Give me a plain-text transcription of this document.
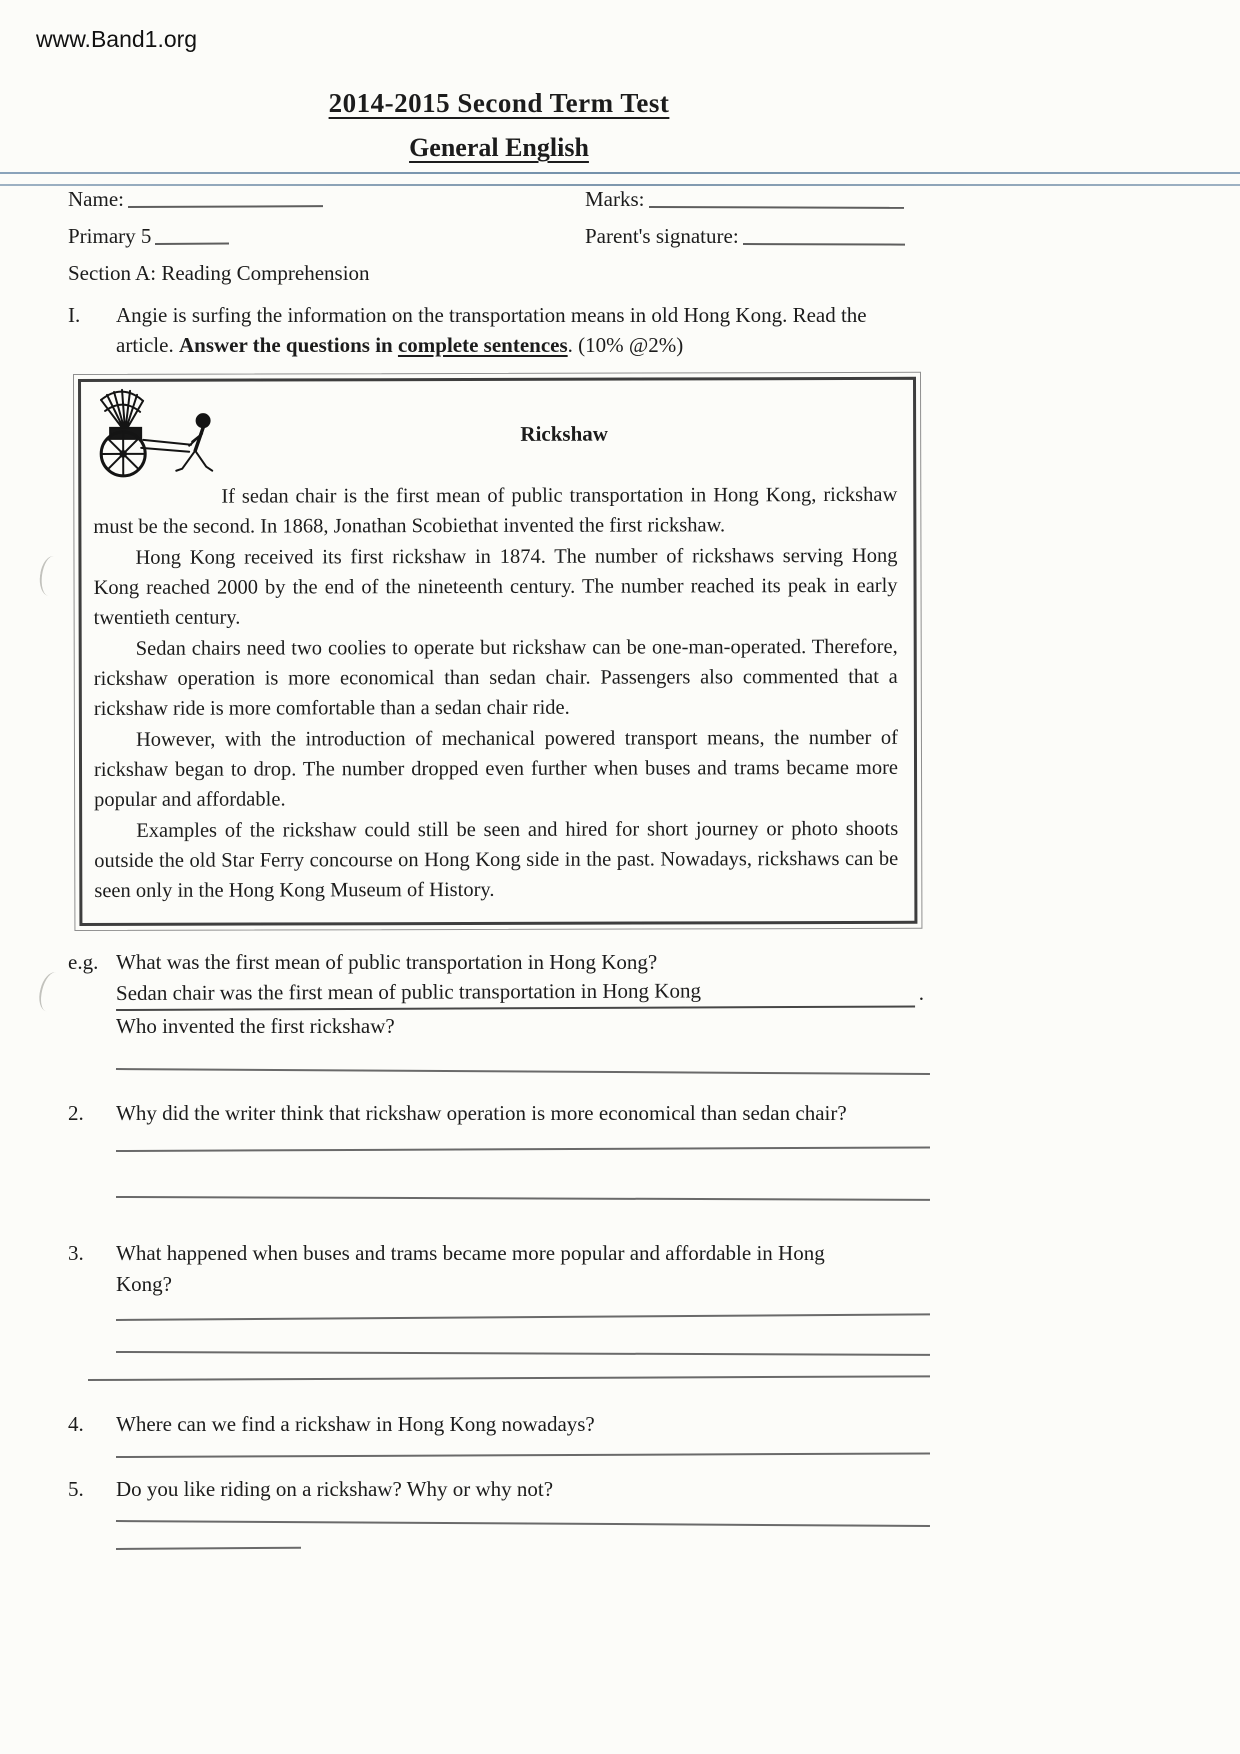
www.Band1.org
2014-2015 Second Term Test
General English
Name:	Marks:
Primary 5	Parent's signature:
Section A: Reading Comprehension
I.	Angie is surfing the information on the transportation means in old Hong Kong. Read the article. Answer the questions in complete sentences. (10% @2%)
Rickshaw

If sedan chair is the first mean of public transportation in Hong Kong, rickshaw must be the second. In 1868, Jonathan Scobiethat invented the first rickshaw.

Hong Kong received its first rickshaw in 1874. The number of rickshaws serving Hong Kong reached 2000 by the end of the nineteenth century. The number reached its peak in early twentieth century.

Sedan chairs need two coolies to operate but rickshaw can be one-man-operated. Therefore, rickshaw operation is more economical than sedan chair. Passengers also commented that a rickshaw ride is more comfortable than a sedan chair ride.

However, with the introduction of mechanical powered transport means, the number of rickshaw began to drop. The number dropped even further when buses and trams became more popular and affordable.

Examples of the rickshaw could still be seen and hired for short journey or photo shoots outside the old Star Ferry concourse on Hong Kong side in the past. Nowadays, rickshaws can be seen only in the Hong Kong Museum of History.

e.g. What was the first mean of public transportation in Hong Kong?
Sedan chair was the first mean of public transportation in Hong Kong	.
Who invented the first rickshaw?
2.	Why did the writer think that rickshaw operation is more economical than sedan chair?
3.	What happened when buses and trams became more popular and affordable in Hong Kong?
4.	Where can we find a rickshaw in Hong Kong nowadays?
5.	Do you like riding on a rickshaw? Why or why not?
